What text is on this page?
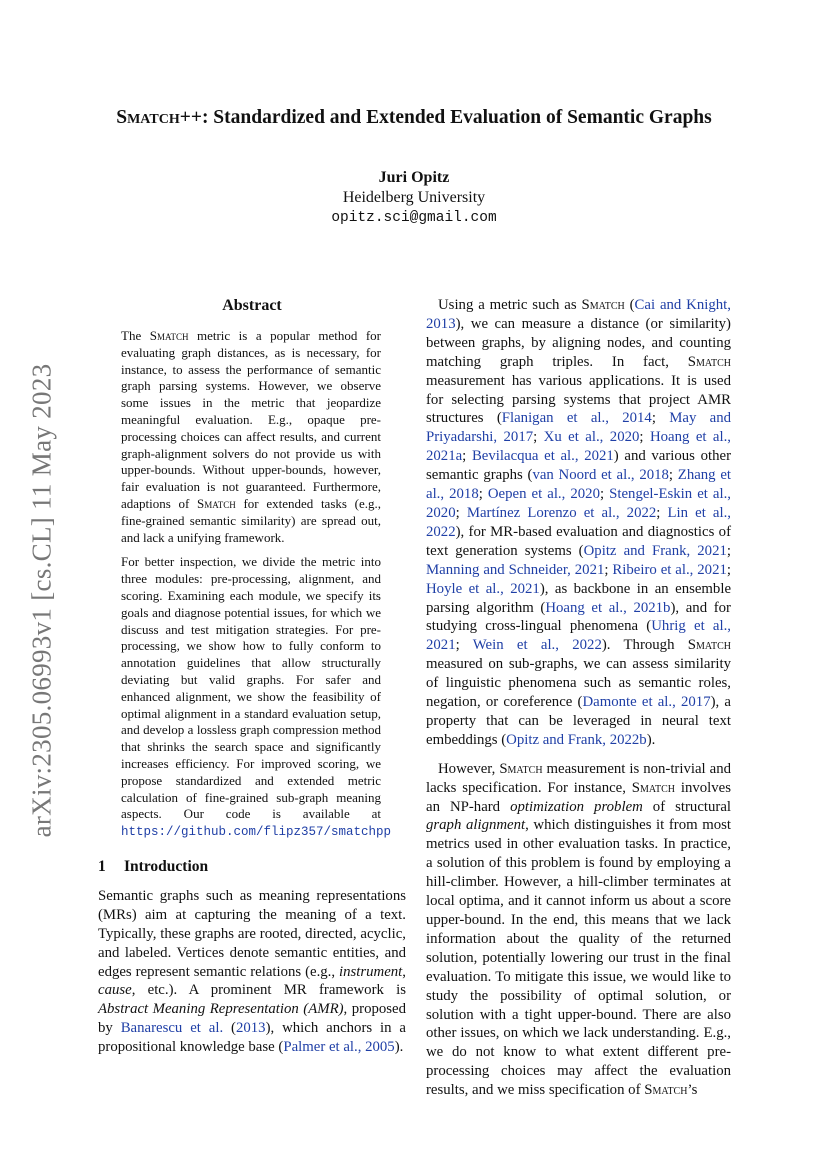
arXiv:2305.06993v1 [cs.CL] 11 May 2023
Smatch++: Standardized and Extended Evaluation of Semantic Graphs
Juri Opitz
Heidelberg University
opitz.sci@gmail.com
Abstract

The Smatch metric is a popular method for evaluating graph distances, as is necessary, for instance, to assess the performance of semantic graph parsing systems. However, we observe some issues in the metric that jeopardize meaningful evaluation. E.g., opaque pre-processing choices can affect results, and current graph-alignment solvers do not provide us with upper-bounds. Without upper-bounds, however, fair evaluation is not guaranteed. Furthermore, adaptions of Smatch for extended tasks (e.g., fine-grained semantic similarity) are spread out, and lack a unifying framework.

For better inspection, we divide the metric into three modules: pre-processing, alignment, and scoring. Examining each module, we specify its goals and diagnose potential issues, for which we discuss and test mitigation strategies. For pre-processing, we show how to fully conform to annotation guidelines that allow structurally deviating but valid graphs. For safer and enhanced alignment, we show the feasibility of optimal alignment in a standard evaluation setup, and develop a lossless graph compression method that shrinks the search space and significantly increases efficiency. For improved scoring, we propose standardized and extended metric calculation of fine-grained sub-graph meaning aspects. Our code is available at https://github.com/flipz357/smatchpp

1 Introduction

Semantic graphs such as meaning representations (MRs) aim at capturing the meaning of a text. Typically, these graphs are rooted, directed, acyclic, and labeled. Vertices denote semantic entities, and edges represent semantic relations (e.g., instrument, cause, etc.). A prominent MR framework is Abstract Meaning Representation (AMR), proposed by Banarescu et al. (2013), which anchors in a propositional knowledge base (Palmer et al., 2005).

Using a metric such as Smatch (Cai and Knight, 2013), we can measure a distance (or similarity) between graphs, by aligning nodes, and counting matching graph triples. In fact, Smatch measurement has various applications. It is used for selecting parsing systems that project AMR structures (Flanigan et al., 2014; May and Priyadarshi, 2017; Xu et al., 2020; Hoang et al., 2021a; Bevilacqua et al., 2021) and various other semantic graphs (van Noord et al., 2018; Zhang et al., 2018; Oepen et al., 2020; Stengel-Eskin et al., 2020; Martínez Lorenzo et al., 2022; Lin et al., 2022), for MR-based evaluation and diagnostics of text generation systems (Opitz and Frank, 2021; Manning and Schneider, 2021; Ribeiro et al., 2021; Hoyle et al., 2021), as backbone in an ensemble parsing algorithm (Hoang et al., 2021b), and for studying cross-lingual phenomena (Uhrig et al., 2021; Wein et al., 2022). Through Smatch measured on sub-graphs, we can assess similarity of linguistic phenomena such as semantic roles, negation, or coreference (Damonte et al., 2017), a property that can be leveraged in neural text embeddings (Opitz and Frank, 2022b).

However, Smatch measurement is non-trivial and lacks specification. For instance, Smatch involves an NP-hard optimization problem of structural graph alignment, which distinguishes it from most metrics used in other evaluation tasks. In practice, a solution of this problem is found by employing a hill-climber. However, a hill-climber terminates at local optima, and it cannot inform us about a score upper-bound. In the end, this means that we lack information about the quality of the returned solution, potentially lowering our trust in the final evaluation. To mitigate this issue, we would like to study the possibility of optimal solution, or solution with a tight upper-bound. There are also other issues, on which we lack understanding. E.g., we do not know to what extent different pre-processing choices may affect the evaluation results, and we miss specification of Smatch’s
